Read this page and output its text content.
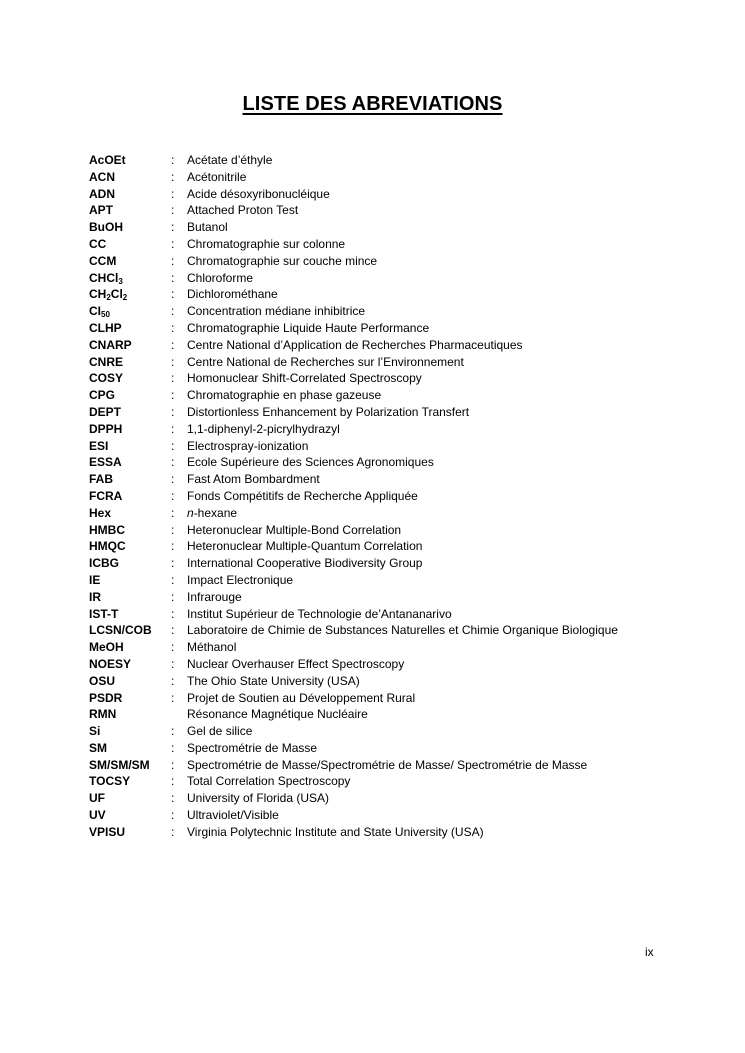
LISTE DES ABREVIATIONS
AcOEt	:	Acétate d’éthyle
ACN	:	Acétonitrile
ADN	:	Acide désoxyribonucléique
APT	:	Attached Proton Test
BuOH	:	Butanol
CC	:	Chromatographie sur colonne
CCM	:	Chromatographie sur couche mince
CHCl$_3$	:	Chloroforme
$CH_2Cl_2$	:	Dichlorométhane
$CI_{50}$	:	Concentration médiane inhibitrice
CLHP	:	Chromatographie Liquide Haute Performance
CNARP	:	Centre National d’Application de Recherches Pharmaceutiques
CNRE	:	Centre National de Recherches sur l’Environnement
COSY	:	Homonuclear Shift-Correlated Spectroscopy
CPG	:	Chromatographie en phase gazeuse
DEPT	:	Distortionless Enhancement by Polarization Transfert
DPPH	:	1,1-diphenyl-2-picrylhydrazyl
ESI	:	Electrospray-ionization
ESSA	:	Ecole Supérieure des Sciences Agronomiques
FAB	:	Fast Atom Bombardment
FCRA	:	Fonds Compétitifs de Recherche Appliquée
Hex	:	n-hexane
HMBC	:	Heteronuclear Multiple-Bond Correlation
HMQC	:	Heteronuclear Multiple-Quantum Correlation
ICBG	:	International Cooperative Biodiversity Group
IE	:	Impact Electronique
IR	:	Infrarouge
IST-T	:	Institut Supérieur de Technologie de’Antananarivo
LCSN/COB	:	Laboratoire de Chimie de Substances Naturelles et Chimie Organique Biologique
MeOH	:	Méthanol
NOESY	:	Nuclear Overhauser Effect Spectroscopy
OSU	:	The Ohio State University (USA)
PSDR	:	Projet de Soutien au Développement Rural
RMN	Résonance Magnétique Nucléaire
Si	:	Gel de silice
SM	:	Spectrométrie de Masse
SM/SM/SM	:	Spectrométrie de Masse/Spectrométrie de Masse/ Spectrométrie de Masse
TOCSY	:	Total Correlation Spectroscopy
UF	:	University of Florida (USA)
UV	:	Ultraviolet/Visible
VPISU	:	Virginia Polytechnic Institute and State University (USA)
ix
